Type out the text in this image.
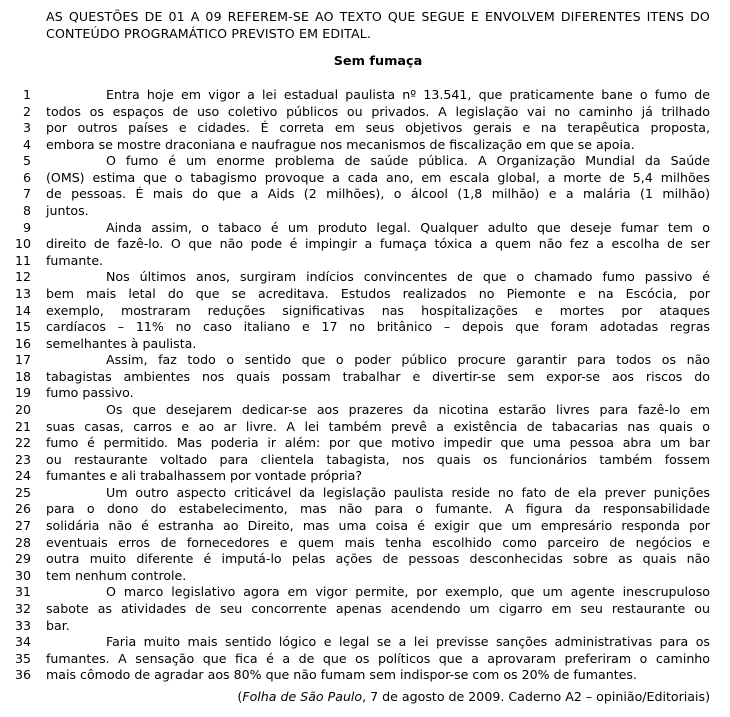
AS QUESTÕES DE 01 A 09 REFEREM-SE AO TEXTO QUE SEGUE E ENVOLVEM DIFERENTES ITENS DO CONTEÚDO PROGRAMÁTICO PREVISTO EM EDITAL.
Sem fumaça
1	Entra hoje em vigor a lei estadual paulista nº 13.541, que praticamente bane o fumo de
2 todos os espaços de uso coletivo públicos ou privados. A legislação vai no caminho já trilhado
3 por outros países e cidades. É correta em seus objetivos gerais e na terapêutica proposta,
4 embora se mostre draconiana e naufrague nos mecanismos de fiscalização em que se apoia.
5	O fumo é um enorme problema de saúde pública. A Organização Mundial da Saúde
6 (OMS) estima que o tabagismo provoque a cada ano, em escala global, a morte de 5,4 milhões
7 de pessoas. É mais do que a Aids (2 milhões), o álcool (1,8 milhão) e a malária (1 milhão)
8 juntos.
9	Ainda assim, o tabaco é um produto legal. Qualquer adulto que deseje fumar tem o
10 direito de fazê-lo. O que não pode é impingir a fumaça tóxica a quem não fez a escolha de ser
11 fumante.
12	Nos últimos anos, surgiram indícios convincentes de que o chamado fumo passivo é
13 bem mais letal do que se acreditava. Estudos realizados no Piemonte e na Escócia, por
14 exemplo, mostraram reduções significativas nas hospitalizações e mortes por ataques
15 cardíacos – 11% no caso italiano e 17 no britânico – depois que foram adotadas regras
16 semelhantes à paulista.
17	Assim, faz todo o sentido que o poder público procure garantir para todos os não
18 tabagistas ambientes nos quais possam trabalhar e divertir-se sem expor-se aos riscos do
19 fumo passivo.
20	Os que desejarem dedicar-se aos prazeres da nicotina estarão livres para fazê-lo em
21 suas casas, carros e ao ar livre. A lei também prevê a existência de tabacarias nas quais o
22 fumo é permitido. Mas poderia ir além: por que motivo impedir que uma pessoa abra um bar
23 ou restaurante voltado para clientela tabagista, nos quais os funcionários também fossem
24 fumantes e ali trabalhassem por vontade própria?
25	Um outro aspecto criticável da legislação paulista reside no fato de ela prever punições
26 para o dono do estabelecimento, mas não para o fumante. A figura da responsabilidade
27 solidária não é estranha ao Direito, mas uma coisa é exigir que um empresário responda por
28 eventuais erros de fornecedores e quem mais tenha escolhido como parceiro de negócios e
29 outra muito diferente é imputá-lo pelas ações de pessoas desconhecidas sobre as quais não
30 tem nenhum controle.
31	O marco legislativo agora em vigor permite, por exemplo, que um agente inescrupuloso
32 sabote as atividades de seu concorrente apenas acendendo um cigarro em seu restaurante ou
33 bar.
34	Faria muito mais sentido lógico e legal se a lei previsse sanções administrativas para os
35 fumantes. A sensação que fica é a de que os políticos que a aprovaram preferiram o caminho
36 mais cômodo de agradar aos 80% que não fumam sem indispor-se com os 20% de fumantes.
(Folha de São Paulo, 7 de agosto de 2009. Caderno A2 – opinião/Editoriais)
